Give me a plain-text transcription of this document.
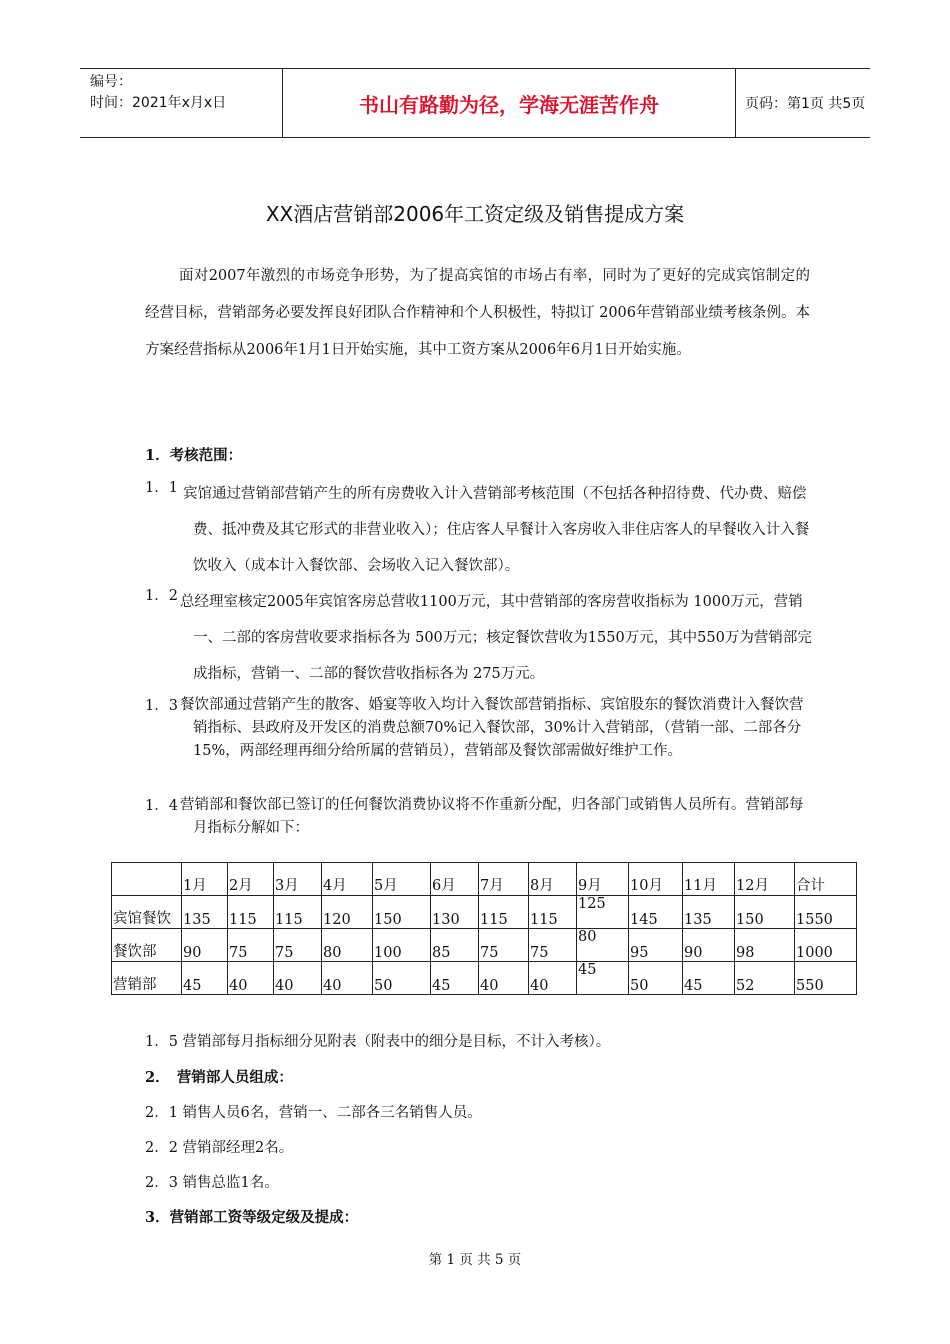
编号：
时间：2021年x月x日	书山有路勤为径，学海无涯苦作舟	页码：第1页 共5页
XX酒店营销部2006年工资定级及销售提成方案
面对2007年激烈的市场竞争形势，为了提高宾馆的市场占有率，同时为了更好的完成宾馆制定的经营目标，营销部务必要发挥良好团队合作精神和个人积极性，特拟订 2006年营销部业绩考核条例。本方案经营指标从2006年1月1日开始实施，其中工资方案从2006年6月1日开始实施。
1．考核范围：
1．1 宾馆通过营销部营销产生的所有房费收入计入营销部考核范围（不包括各种招待费、代办费、赔偿费、抵冲费及其它形式的非营业收入）；住店客人早餐计入客房收入非住店客人的早餐收入计入餐饮收入（成本计入餐饮部、会场收入记入餐饮部）。
1．2 总经理室核定2005年宾馆客房总营收1100万元，其中营销部的客房营收指标为 1000万元，营销一、二部的客房营收要求指标各为 500万元；核定餐饮营收为1550万元，其中550万为营销部完成指标，营销一、二部的餐饮营收指标各为 275万元。
1．3 餐饮部通过营销产生的散客、婚宴等收入均计入餐饮部营销指标、宾馆股东的餐饮消费计入餐饮营销指标、县政府及开发区的消费总额70%记入餐饮部，30%计入营销部，（营销一部、二部各分15%，两部经理再细分给所属的营销员），营销部及餐饮部需做好维护工作。
1．4 营销部和餐饮部已签订的任何餐饮消费协议将不作重新分配，归各部门或销售人员所有。营销部每月指标分解如下：
	1月	2月	3月	4月	5月	6月	7月	8月	9月	10月	11月	12月	合计
宾馆餐饮	135	115	115	120	150	130	115	115	125	145	135	150	1550
餐饮部	90	75	75	80	100	85	75	75	80	95	90	98	1000
营销部	45	40	40	40	50	45	40	40	45	50	45	52	550
1．5 营销部每月指标细分见附表（附表中的细分是目标，不计入考核）。
2．　营销部人员组成：
2．1 销售人员6名，营销一、二部各三名销售人员。
2．2 营销部经理2名。
2．3 销售总监1名。
3．营销部工资等级定级及提成：
第 1 页 共 5 页
